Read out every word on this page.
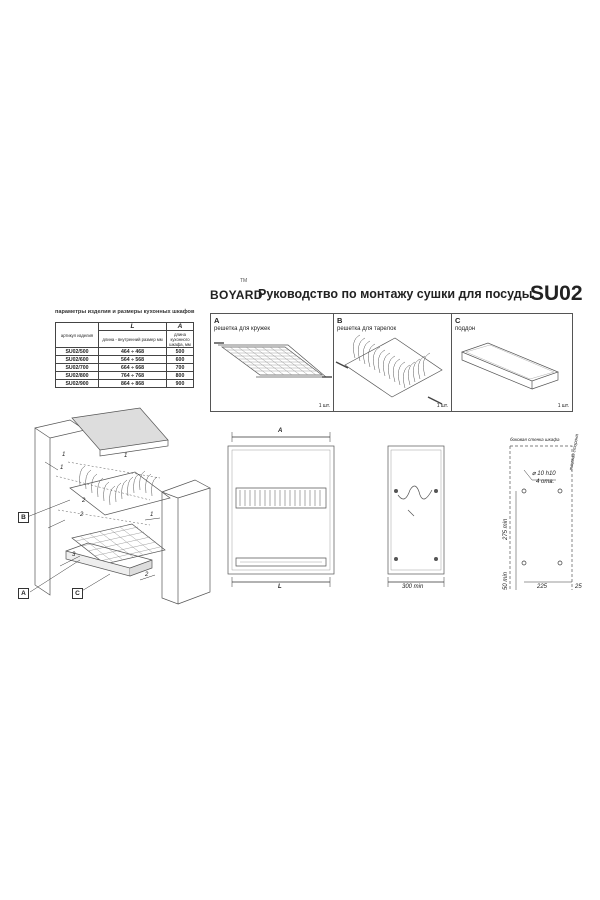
BOYARD
TM
Руководство по монтажу сушки для посуды
SU02
параметры изделия и размеры кухонных шкафов
артикул изделия	L	A
	длина - внутренний размер мм	длина кухонного шкафа, мм
SU02/500	464 ÷ 468	500
SU02/600	564 ÷ 568	600
SU02/700	664 ÷ 668	700
SU02/800	764 ÷ 768	800
SU02/900	864 ÷ 868	900
A
решетка для кружек
1 шт.
B
решетка для тарелок
1 шт.
C
поддон
1 шт.
B
A	C
1
1
1
2
2
2
3
1
A
L	300 min
боковая стенка шкафа лицевая сторона
⌀ 10 h10
4 отв.
275 min
50 min	225	25
